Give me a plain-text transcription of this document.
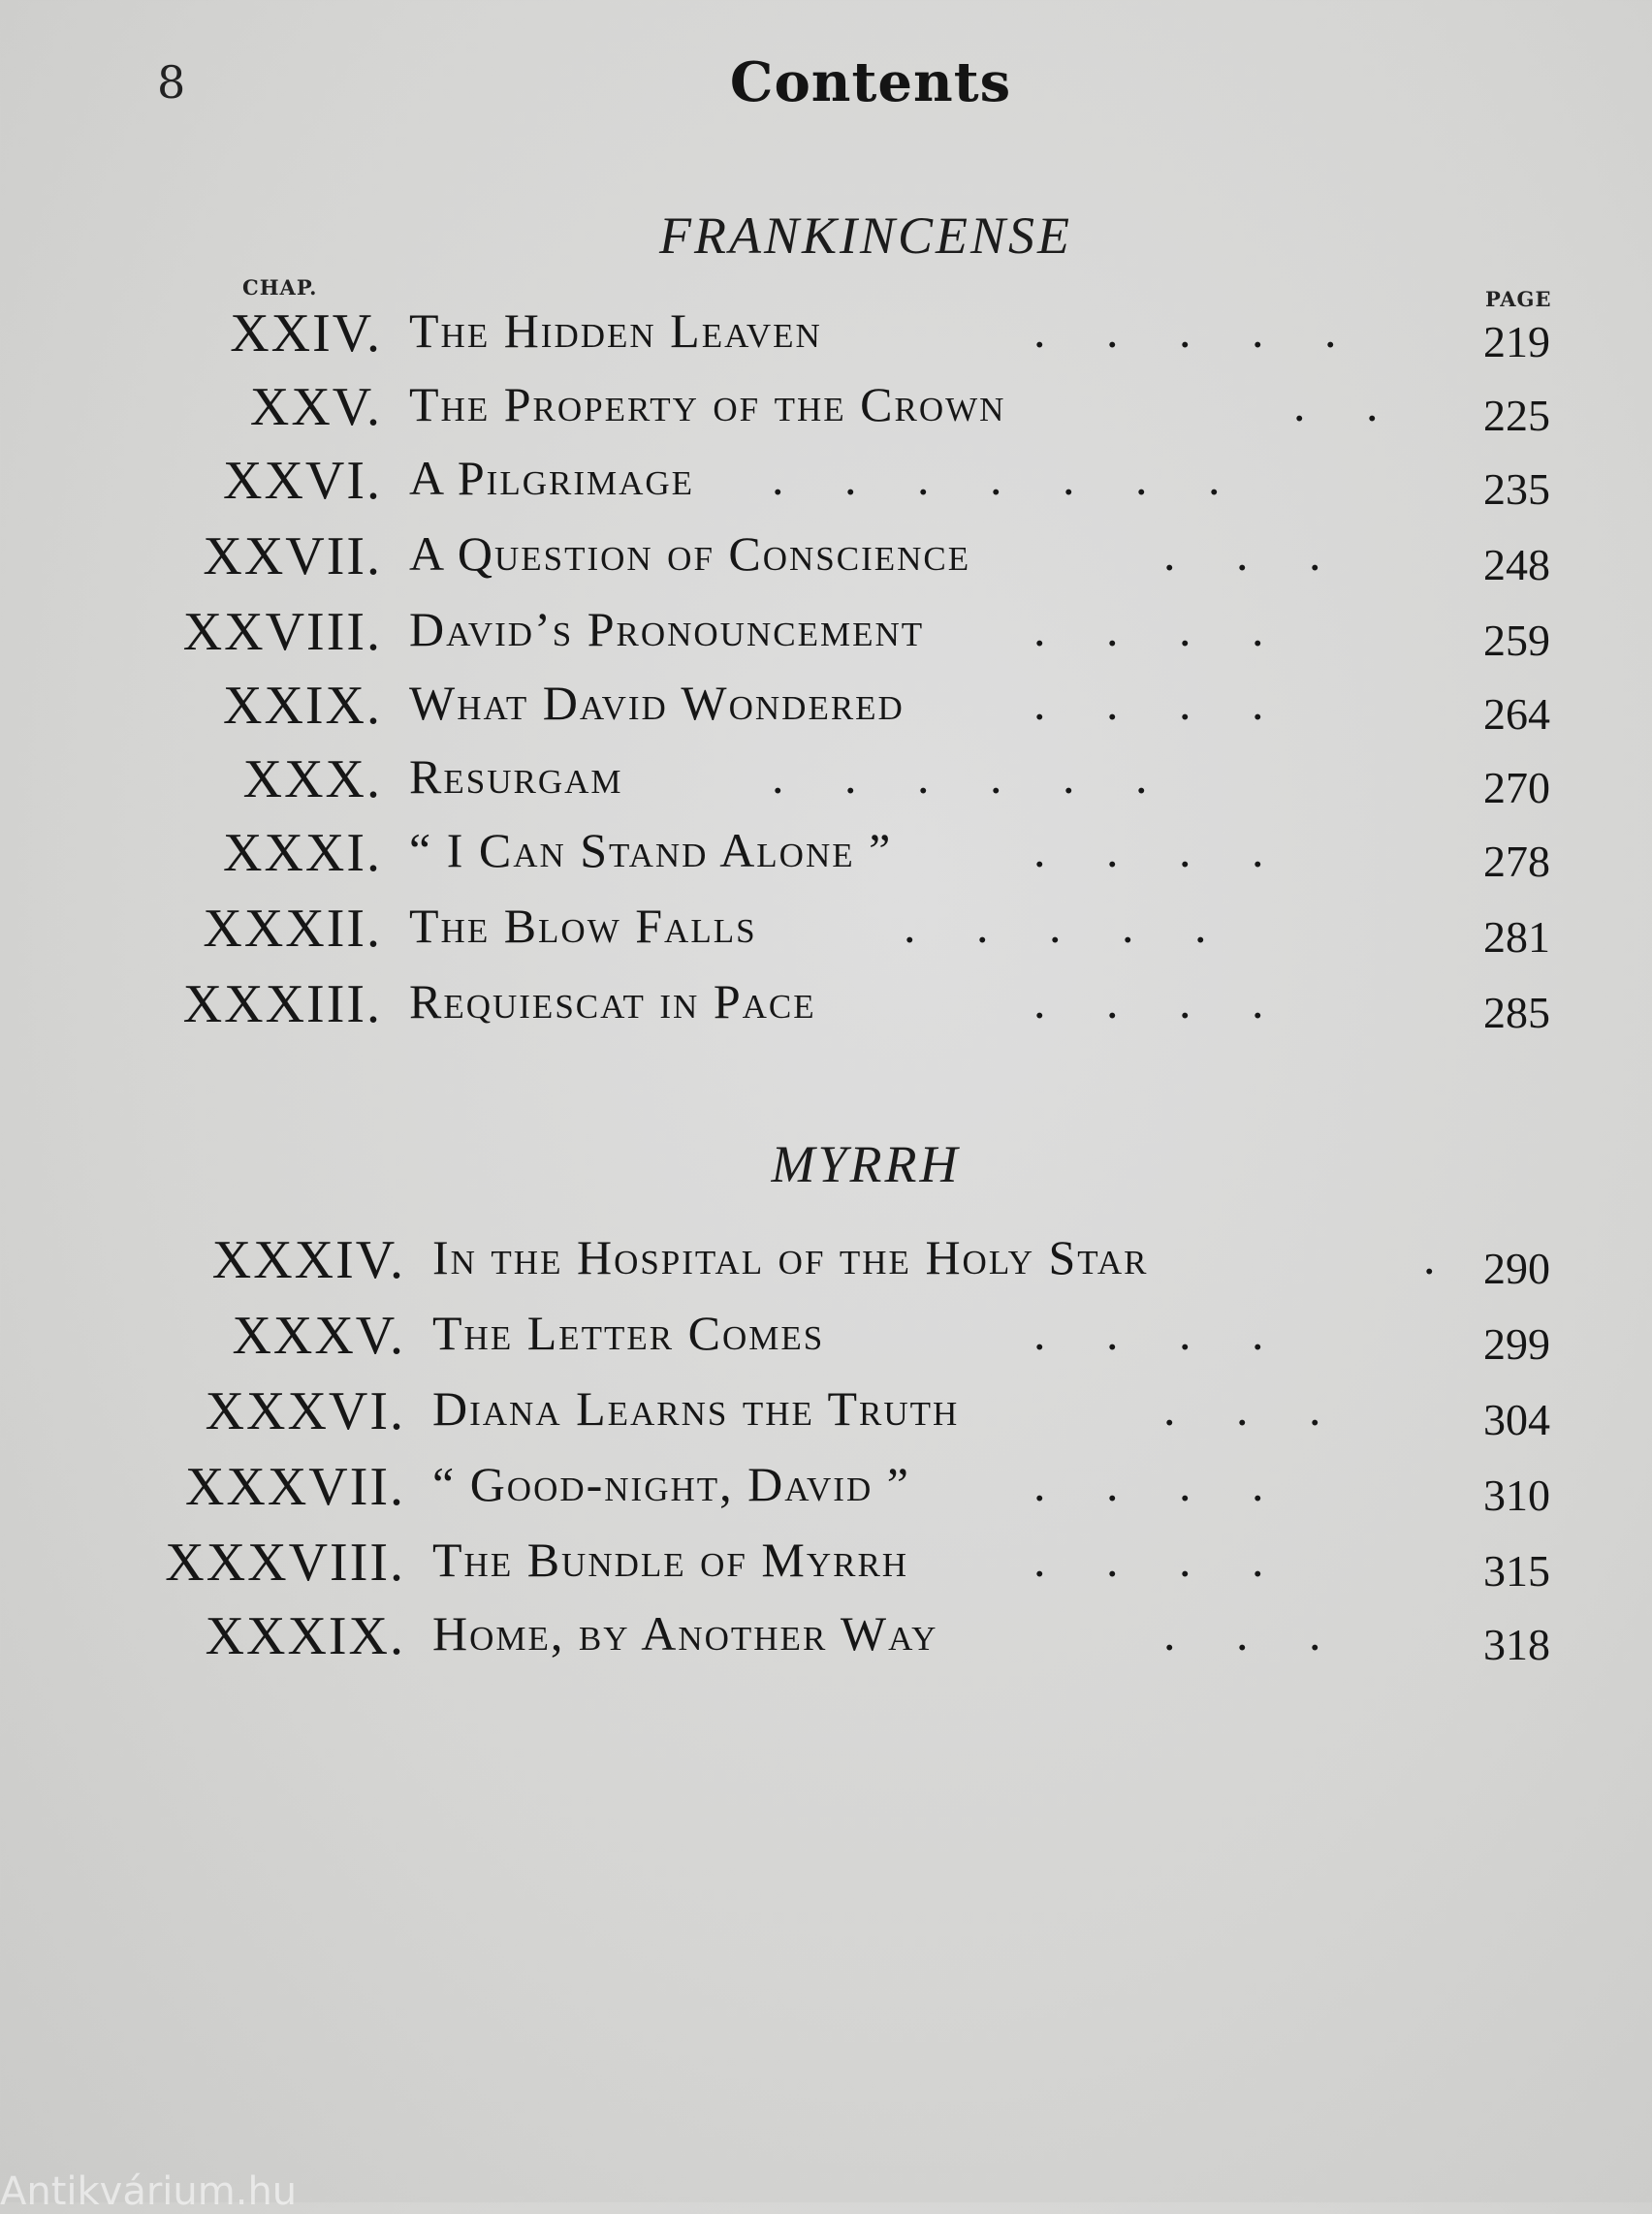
8	Contents
FRANKINCENSE
CHAP.	PAGE
XXIV. The Hidden Leaven	.     .     .     .     .	219
XXV. The Property of the Crown	.     . 225
XXVI. A Pilgrimage .     .     .     .     .     .     .	235
XXVII. A Question of Conscience	.     .     .	248
XXVIII. David’s Pronouncement .     .     .     .	259
XXIX. What David Wondered	.     .     .     .	264
XXX. Resurgam	.     .     .     .     .     .	270
XXXI. “ I Can Stand Alone ”	.     .     .     .	278
XXXII. The Blow Falls	.     .     .     .     .	281
XXXIII. Requiescat in Pace	.     .     .     .	285
MYRRH
XXXIV. In the Hospital of the Holy Star	. 290
XXXV. The Letter Comes	.     .     .     .	299
XXXVI. Diana Learns the Truth	.     .     .	304
XXXVII. “ Good-night, David ”	.     .     .     .	310
XXXVIII. The Bundle of Myrrh	.     .     .     .	315
XXXIX. Home, by Another Way	.     .     .	318
Antikvárium.hu
